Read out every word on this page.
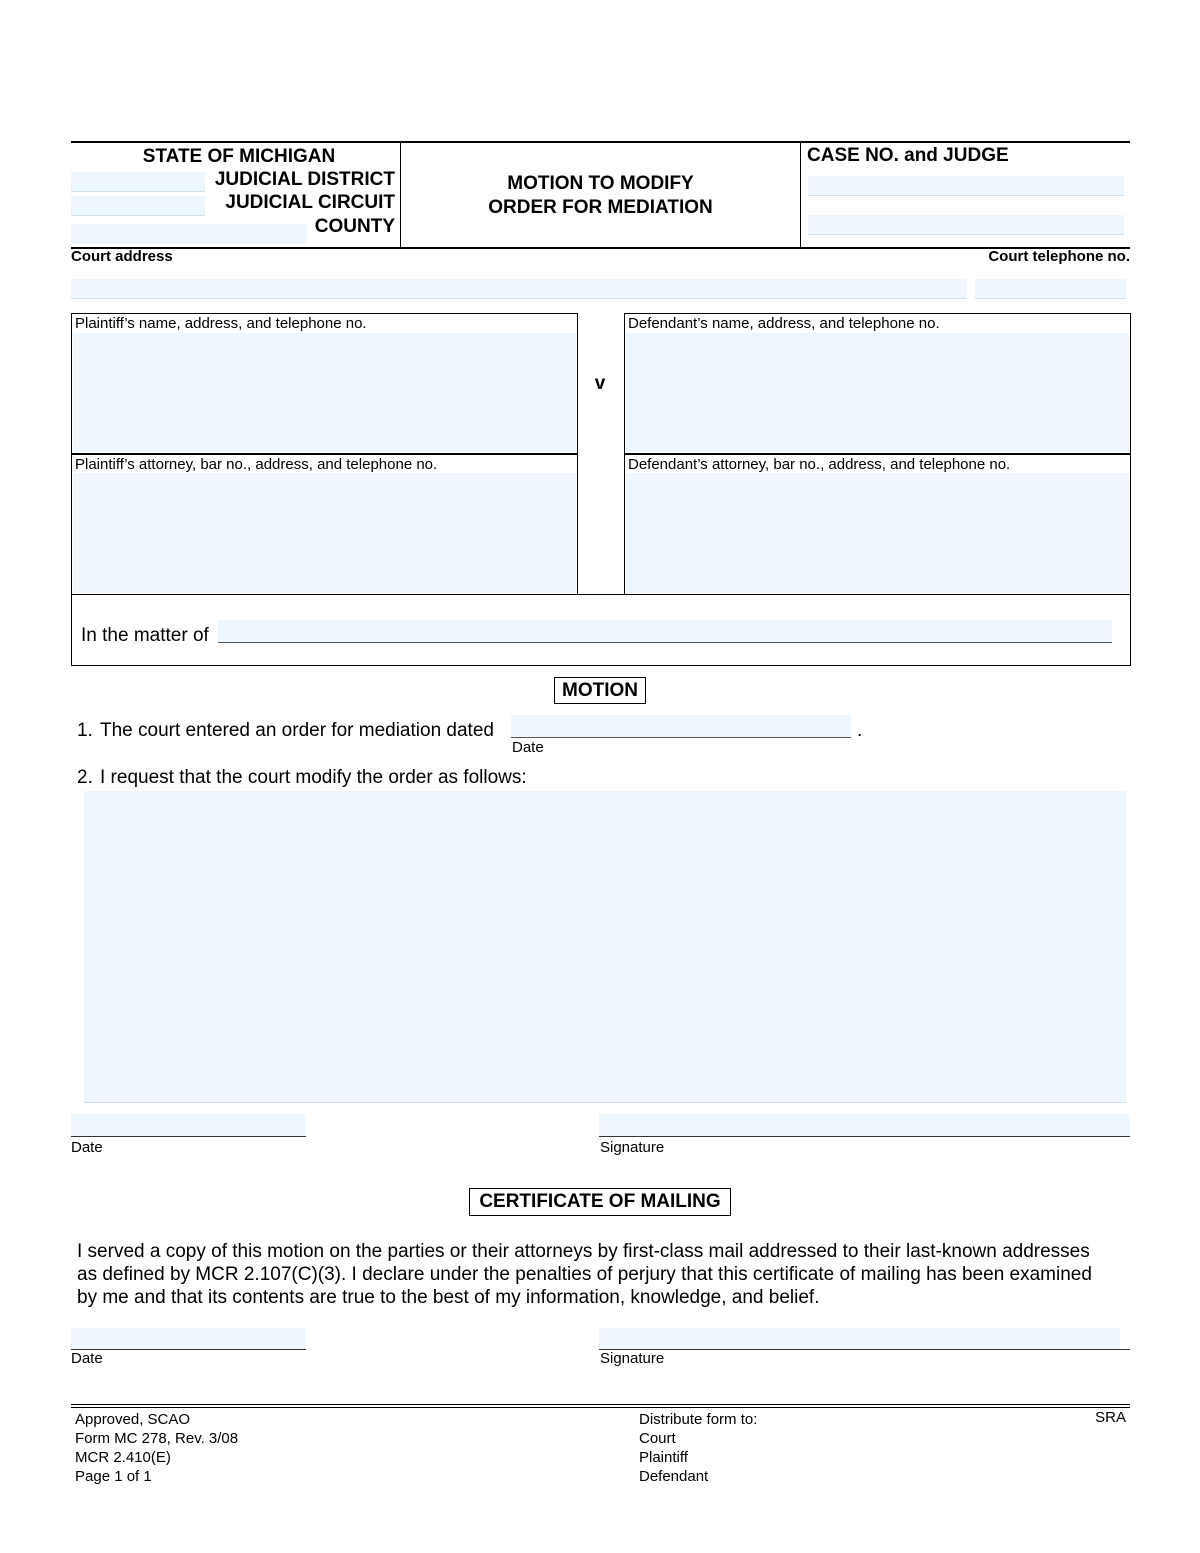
STATE OF MICHIGAN
JUDICIAL DISTRICT
JUDICIAL CIRCUIT
COUNTY
MOTION TO MODIFY
ORDER FOR MEDIATION
CASE NO. and JUDGE
Court address	Court telephone no.
Plaintiff’s name, address, and telephone no.
Plaintiff’s attorney, bar no., address, and telephone no.
v
Defendant’s name, address, and telephone no.
Defendant’s attorney, bar no., address, and telephone no.
In the matter of
MOTION
1. The court entered an order for mediation dated	.
Date
2. I request that the court modify the order as follows:
Date	Signature
CERTIFICATE OF MAILING
I served a copy of this motion on the parties or their attorneys by first-class mail addressed to their last-known addresses
as defined by MCR 2.107(C)(3). I declare under the penalties of perjury that this certificate of mailing has been examined
by me and that its contents are true to the best of my information, knowledge, and belief.
Date	Signature
Approved, SCAO
Form MC 278, Rev. 3/08
MCR 2.410(E)
Page 1 of 1
Distribute form to:
Court
Plaintiff
Defendant
SRA
